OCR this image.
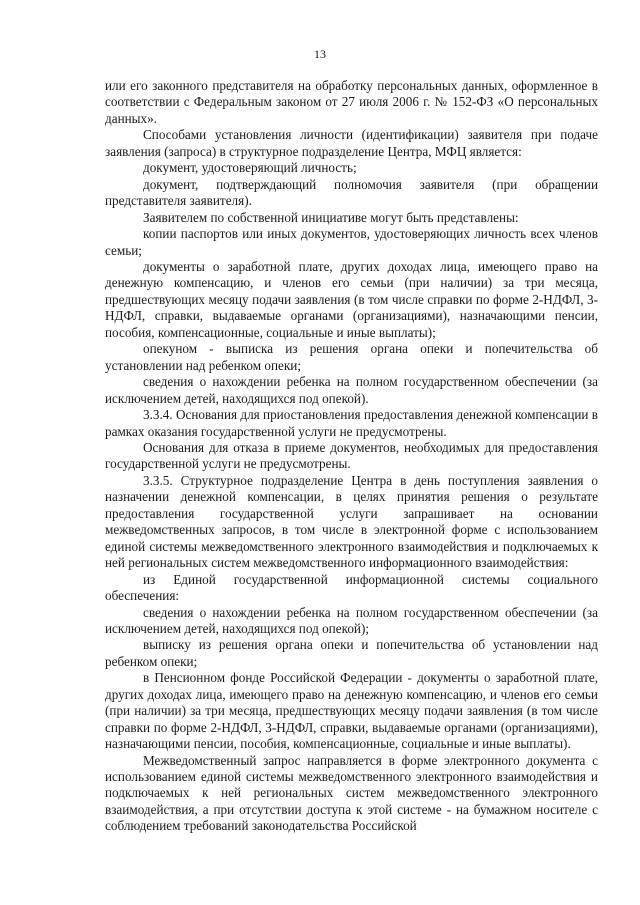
13

или его законного представителя на обработку персональных данных, оформленное в соответствии с Федеральным законом от 27 июля 2006 г. № 152-ФЗ «О персональных данных».

Способами установления личности (идентификации) заявителя при подаче заявления (запроса) в структурное подразделение Центра, МФЦ является:

документ, удостоверяющий личность;

документ, подтверждающий полномочия заявителя (при обращении представителя заявителя).

Заявителем по собственной инициативе могут быть представлены:

копии паспортов или иных документов, удостоверяющих личность всех членов семьи;

документы о заработной плате, других доходах лица, имеющего право на денежную компенсацию, и членов его семьи (при наличии) за три месяца, предшествующих месяцу подачи заявления (в том числе справки по форме 2-НДФЛ, 3-НДФЛ, справки, выдаваемые органами (организациями), назначающими пенсии, пособия, компенсационные, социальные и иные выплаты);

опекуном - выписка из решения органа опеки и попечительства об установлении над ребенком опеки;

сведения о нахождении ребенка на полном государственном обеспечении (за исключением детей, находящихся под опекой).

3.3.4. Основания для приостановления предоставления денежной компенсации в рамках оказания государственной услуги не предусмотрены.

Основания для отказа в приеме документов, необходимых для предоставления государственной услуги не предусмотрены.

3.3.5. Структурное подразделение Центра в день поступления заявления о назначении денежной компенсации, в целях принятия решения о результате предоставления государственной услуги запрашивает на основании межведомственных запросов, в том числе в электронной форме с использованием единой системы межведомственного электронного взаимодействия и подключаемых к ней региональных систем межведомственного информационного взаимодействия:

из Единой государственной информационной системы социального обеспечения:

сведения о нахождении ребенка на полном государственном обеспечении (за исключением детей, находящихся под опекой);

выписку из решения органа опеки и попечительства об установлении над ребенком опеки;

в Пенсионном фонде Российской Федерации - документы о заработной плате, других доходах лица, имеющего право на денежную компенсацию, и членов его семьи (при наличии) за три месяца, предшествующих месяцу подачи заявления (в том числе справки по форме 2-НДФЛ, 3-НДФЛ, справки, выдаваемые органами (организациями), назначающими пенсии, пособия, компенсационные, социальные и иные выплаты).

Межведомственный запрос направляется в форме электронного документа с использованием единой системы межведомственного электронного взаимодействия и подключаемых к ней региональных систем межведомственного электронного взаимодействия, а при отсутствии доступа к этой системе - на бумажном носителе с соблюдением требований законодательства Российской
